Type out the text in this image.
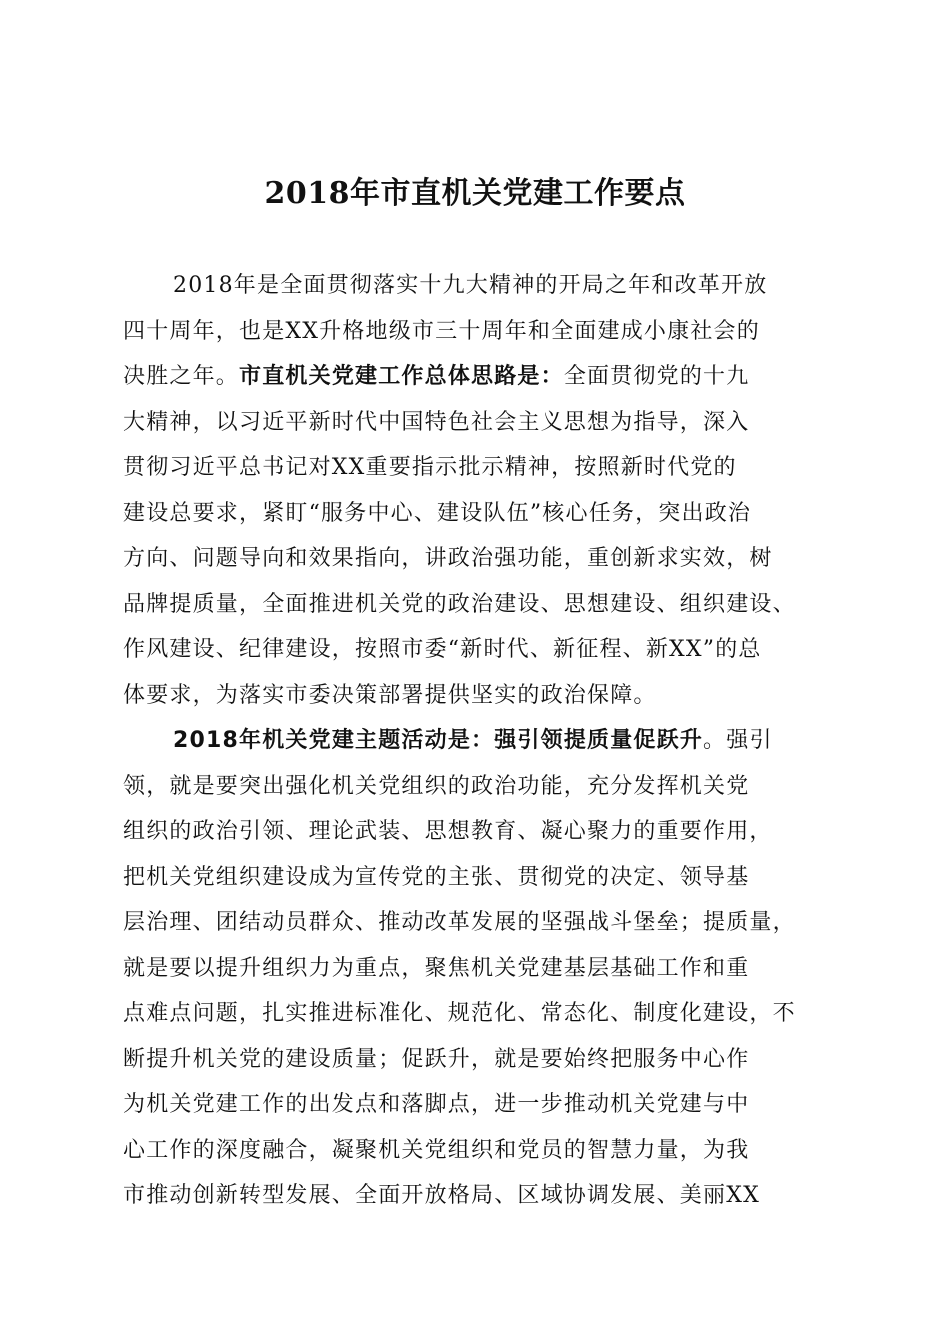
2018年市直机关党建工作要点
2018年是全面贯彻落实十九大精神的开局之年和改革开放
四十周年，也是XX升格地级市三十周年和全面建成小康社会的
决胜之年。市直机关党建工作总体思路是：全面贯彻党的十九
大精神，以习近平新时代中国特色社会主义思想为指导，深入
贯彻习近平总书记对XX重要指示批示精神，按照新时代党的
建设总要求，紧盯“服务中心、建设队伍”核心任务，突出政治
方向、问题导向和效果指向，讲政治强功能，重创新求实效，树
品牌提质量，全面推进机关党的政治建设、思想建设、组织建设、
作风建设、纪律建设，按照市委“新时代、新征程、新XX”的总
体要求，为落实市委决策部署提供坚实的政治保障。
2018年机关党建主题活动是：强引领提质量促跃升。强引
领，就是要突出强化机关党组织的政治功能，充分发挥机关党
组织的政治引领、理论武装、思想教育、凝心聚力的重要作用，
把机关党组织建设成为宣传党的主张、贯彻党的决定、领导基
层治理、团结动员群众、推动改革发展的坚强战斗堡垒；提质量，
就是要以提升组织力为重点，聚焦机关党建基层基础工作和重
点难点问题，扎实推进标准化、规范化、常态化、制度化建设，不
断提升机关党的建设质量；促跃升，就是要始终把服务中心作
为机关党建工作的出发点和落脚点，进一步推动机关党建与中
心工作的深度融合，凝聚机关党组织和党员的智慧力量，为我
市推动创新转型发展、全面开放格局、区域协调发展、美丽XX
